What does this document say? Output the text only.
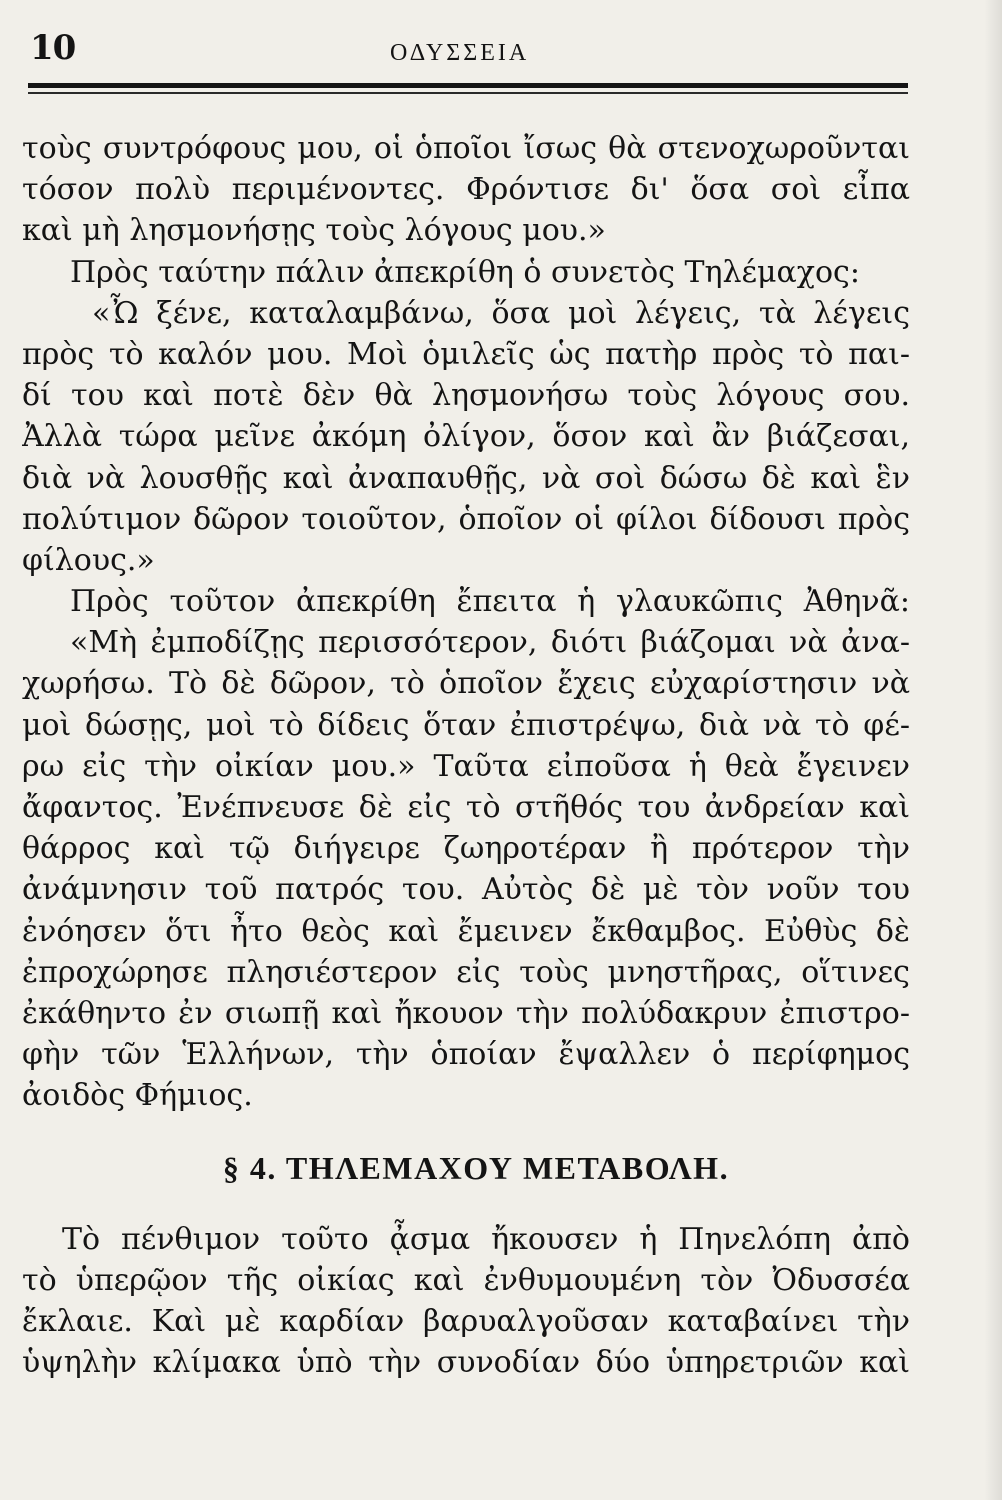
10	ΟΔΥΣΣΕΙΑ
τοὺς συντρόφους μου, οἱ ὁποῖοι ἴσως θὰ στενοχωροῦνται
τόσον πολὺ περιμένοντες. Φρόντισε δι' ὅσα σοὶ εἶπα
καὶ μὴ λησμονήσῃς τοὺς λόγους μου.»
Πρὸς ταύτην πάλιν ἀπεκρίθη ὁ συνετὸς Τηλέμαχος:
«Ὦ ξένε, καταλαμβάνω, ὅσα μοὶ λέγεις, τὰ λέγεις
πρὸς τὸ καλόν μου. Μοὶ ὁμιλεῖς ὡς πατὴρ πρὸς τὸ παι-
δί του καὶ ποτὲ δὲν θὰ λησμονήσω τοὺς λόγους σου.
Ἀλλὰ τώρα μεῖνε ἀκόμη ὀλίγον, ὅσον καὶ ἂν βιάζεσαι,
διὰ νὰ λουσθῇς καὶ ἀναπαυθῇς, νὰ σοὶ δώσω δὲ καὶ ἓν
πολύτιμον δῶρον τοιοῦτον, ὁποῖον οἱ φίλοι δίδουσι πρὸς
φίλους.»
Πρὸς τοῦτον ἀπεκρίθη ἔπειτα ἡ γλαυκῶπις Ἀθηνᾶ:
«Μὴ ἐμποδίζῃς περισσότερον, διότι βιάζομαι νὰ ἀνα-
χωρήσω. Τὸ δὲ δῶρον, τὸ ὁποῖον ἔχεις εὐχαρίστησιν νὰ
μοὶ δώσῃς, μοὶ τὸ δίδεις ὅταν ἐπιστρέψω, διὰ νὰ τὸ φέ-
ρω εἰς τὴν οἰκίαν μου.» Ταῦτα εἰποῦσα ἡ θεὰ ἔγεινεν
ἄφαντος. Ἐνέπνευσε δὲ εἰς τὸ στῆθός του ἀνδρείαν καὶ
θάρρος καὶ τῷ διήγειρε ζωηροτέραν ἢ πρότερον τὴν
ἀνάμνησιν τοῦ πατρός του. Αὐτὸς δὲ μὲ τὸν νοῦν του
ἐνόησεν ὅτι ἦτο θεὸς καὶ ἔμεινεν ἔκθαμβος. Εὐθὺς δὲ
ἐπροχώρησε πλησιέστερον εἰς τοὺς μνηστῆρας, οἵτινες
ἐκάθηντο ἐν σιωπῇ καὶ ἤκουον τὴν πολύδακρυν ἐπιστρο-
φὴν τῶν Ἑλλήνων, τὴν ὁποίαν ἔψαλλεν ὁ περίφημος
ἀοιδὸς Φήμιος.
§ 4. ΤΗΛΕΜΑΧΟΥ ΜΕΤΑΒΟΛΗ.
Τὸ πένθιμον τοῦτο ᾆσμα ἤκουσεν ἡ Πηνελόπη ἀπὸ
τὸ ὑπερῷον τῆς οἰκίας καὶ ἐνθυμουμένη τὸν Ὀδυσσέα
ἔκλαιε. Καὶ μὲ καρδίαν βαρυαλγοῦσαν καταβαίνει τὴν
ὑψηλὴν κλίμακα ὑπὸ τὴν συνοδίαν δύο ὑπηρετριῶν καὶ
